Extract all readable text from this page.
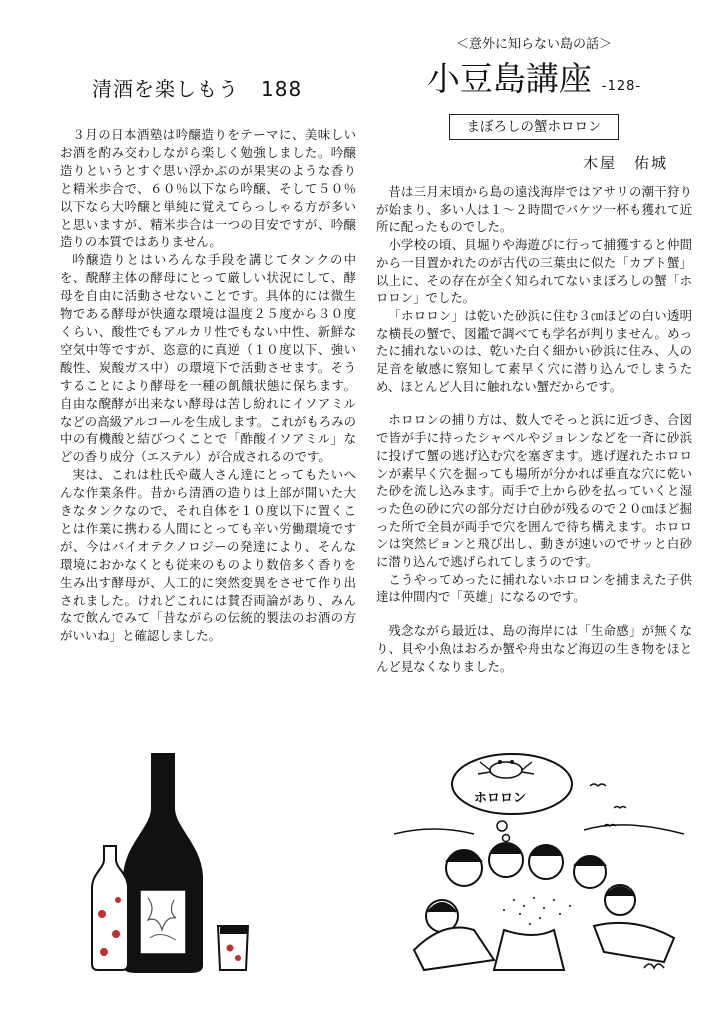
清酒を楽しもう 188

３月の日本酒塾は吟醸造りをテーマに、美味しいお酒を酌み交わしながら楽しく勉強しました。吟醸造りというとすぐ思い浮かぶのが果実のような香りと精米歩合で、６０％以下なら吟醸、そして５０％以下なら大吟醸と単純に覚えてらっしゃる方が多いと思いますが、精米歩合は一つの目安ですが、吟醸造りの本質ではありません。

吟醸造りとはいろんな手段を講じてタンクの中を、醗酵主体の酵母にとって厳しい状況にして、酵母を自由に活動させないことです。具体的には微生物である酵母が快適な環境は温度２５度から３０度くらい、酸性でもアルカリ性でもない中性、新鮮な空気中等ですが、恣意的に真逆（１０度以下、強い酸性、炭酸ガス中）の環境下で活動させます。そうすることにより酵母を一種の飢餓状態に保ちます。自由な醗酵が出来ない酵母は苦し紛れにイソアミルなどの高級アルコールを生成します。これがもろみの中の有機酸と結びつくことで「酢酸イソアミル」などの香り成分（エステル）が合成されるのです。

実は、これは杜氏や蔵人さん達にとってもたいへんな作業条件。昔から清酒の造りは上部が開いた大きなタンクなので、それ自体を１０度以下に置くことは作業に携わる人間にとっても辛い労働環境ですが、今はバイオテクノロジーの発達により、そんな環境におかなくとも従来のものより数倍多く香りを生み出す酵母が、人工的に突然変異をさせて作り出されました。けれどこれには賛否両論があり、みんなで飲んでみて「昔ながらの伝統的製法のお酒の方がいいね」と確認しました。

＜意外に知らない島の話＞

小豆島講座 -128-
まぼろしの蟹ホロロン
木屋　佑城

昔は三月末頃から島の遠浅海岸ではアサリの潮干狩りが始まり、多い人は１～２時間でバケツ一杯も獲れて近所に配ったものでした。

小学校の頃、貝堀りや海遊びに行って捕獲すると仲間から一目置かれたのが古代の三葉虫に似た「カブト蟹」以上に、その存在が全く知られてないまぼろしの蟹「ホロロン」でした。

「ホロロン」は乾いた砂浜に住む３㎝ほどの白い透明な横長の蟹で、図鑑で調べても学名が判りません。めったに捕れないのは、乾いた白く細かい砂浜に住み、人の足音を敏感に察知して素早く穴に潜り込んでしまうため、ほとんど人目に触れない蟹だからです。

ホロロンの捕り方は、数人でそっと浜に近づき、合図で皆が手に持ったシャベルやジョレンなどを一斉に砂浜に投げて蟹の逃げ込む穴を塞ぎます。逃げ遅れたホロロンが素早く穴を掘っても場所が分かれば垂直な穴に乾いた砂を流し込みます。両手で上から砂を払っていくと湿った色の砂に穴の部分だけ白砂が残るので２０㎝ほど掘った所で全員が両手で穴を囲んで待ち構えます。ホロロンは突然ピョンと飛び出し、動きが速いのでサッと白砂に潜り込んで逃げられてしまうのです。

こうやってめったに捕れないホロロンを捕まえた子供達は仲間内で「英雄」になるのです。

残念ながら最近は、島の海岸には「生命感」が無くなり、貝や小魚はおろか蟹や舟虫など海辺の生き物をほとんど見なくなりました。

ホロロン
